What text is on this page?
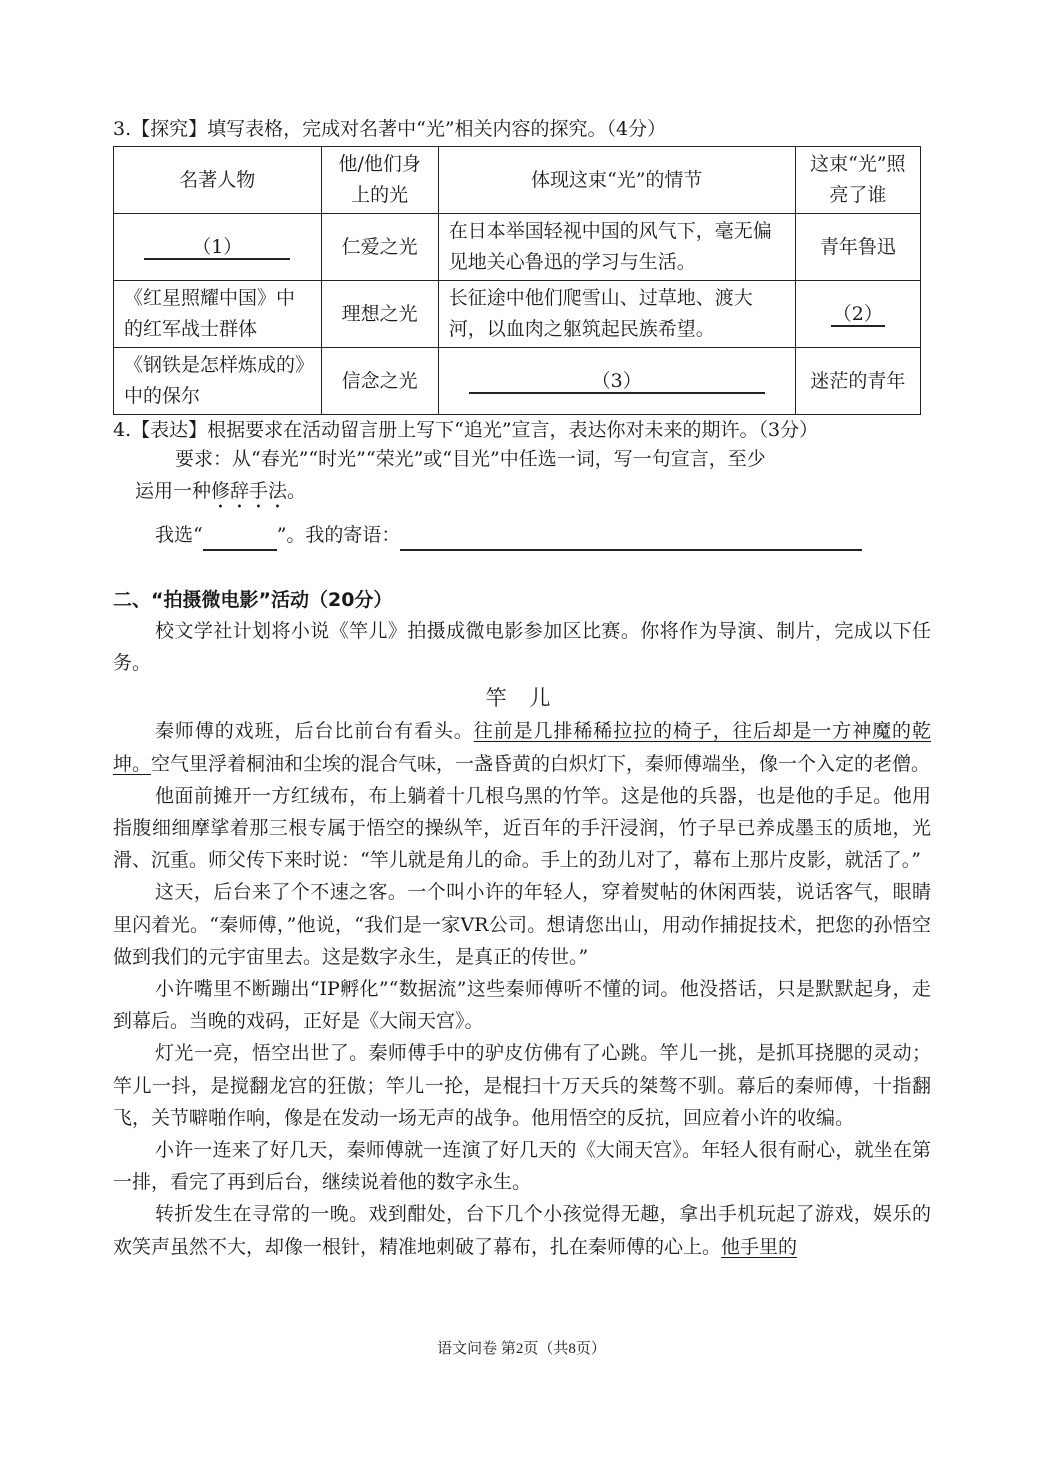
3.【探究】填写表格，完成对名著中“光”相关内容的探究。（4分）

名著人物	他/他们身上的光	体现这束“光”的情节	这束“光”照亮了谁
（1）	仁爱之光	在日本举国轻视中国的风气下，毫无偏见地关心鲁迅的学习与生活。	青年鲁迅
《红星照耀中国》中的红军战士群体	理想之光	长征途中他们爬雪山、过草地、渡大河，以血肉之躯筑起民族希望。	（2）
《钢铁是怎样炼成的》中的保尔	信念之光	（3）	迷茫的青年

4.【表达】根据要求在活动留言册上写下“追光”宣言，表达你对未来的期许。（3分）

要求：从“春光”“时光”“荣光”或“目光”中任选一词，写一句宣言，至少

运用一种修辞手法。

我选“	”。我的寄语：

二、“拍摄微电影”活动（20分）

校文学社计划将小说《竿儿》拍摄成微电影参加区比赛。你将作为导演、制片，完成以下任务。

竿 儿

秦师傅的戏班，后台比前台有看头。往前是几排稀稀拉拉的椅子，往后却是一方神魔的乾坤。空气里浮着桐油和尘埃的混合气味，一盏昏黄的白炽灯下，秦师傅端坐，像一个入定的老僧。

他面前摊开一方红绒布，布上躺着十几根乌黑的竹竿。这是他的兵器，也是他的手足。他用指腹细细摩挲着那三根专属于悟空的操纵竿，近百年的手汗浸润，竹子早已养成墨玉的质地，光滑、沉重。师父传下来时说：“竿儿就是角儿的命。手上的劲儿对了，幕布上那片皮影，就活了。”

这天，后台来了个不速之客。一个叫小许的年轻人，穿着熨帖的休闲西装，说话客气，眼睛里闪着光。“秦师傅，”他说，“我们是一家VR公司。想请您出山，用动作捕捉技术，把您的孙悟空做到我们的元宇宙里去。这是数字永生，是真正的传世。”

小许嘴里不断蹦出“IP孵化”“数据流”这些秦师傅听不懂的词。他没搭话，只是默默起身，走到幕后。当晚的戏码，正好是《大闹天宫》。

灯光一亮，悟空出世了。秦师傅手中的驴皮仿佛有了心跳。竿儿一挑，是抓耳挠腮的灵动；竿儿一抖，是搅翻龙宫的狂傲；竿儿一抡，是棍扫十万天兵的桀骜不驯。幕后的秦师傅，十指翻飞，关节噼啪作响，像是在发动一场无声的战争。他用悟空的反抗，回应着小许的收编。

小许一连来了好几天，秦师傅就一连演了好几天的《大闹天宫》。年轻人很有耐心，就坐在第一排，看完了再到后台，继续说着他的数字永生。

转折发生在寻常的一晚。戏到酣处，台下几个小孩觉得无趣，拿出手机玩起了游戏，娱乐的欢笑声虽然不大，却像一根针，精准地刺破了幕布，扎在秦师傅的心上。他手里的

语文问卷 第2页（共8页）
